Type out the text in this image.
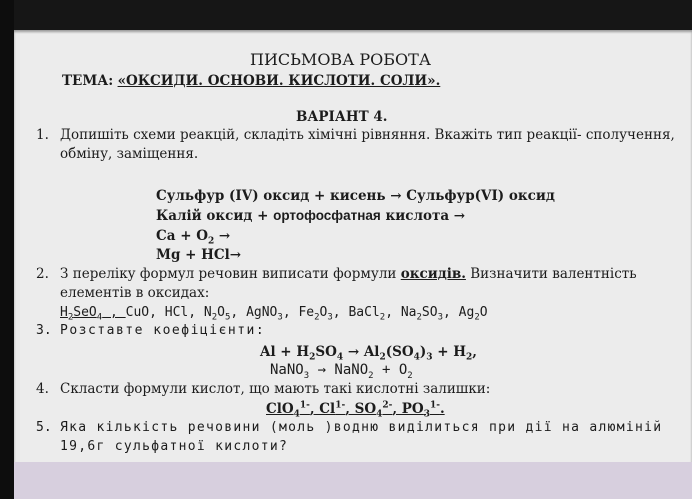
ПИСЬМОВА РОБОТА
ТЕМА: «ОКСИДИ. ОСНОВИ. КИСЛОТИ. СОЛИ».
ВАРІАНТ 4.
1. Допишіть схеми реакцій, складіть хімічні рівняння. Вкажіть тип реакції- сполучення,
обміну, заміщення.
Сульфур (IV) оксид + кисень → Сульфур(VI) оксид
Калій оксид + ортофосфатная кислота →
$Ca + O_2$ →
Mg + HCl→
2. З переліку формул речовин виписати формули оксидів. Визначити валентність
елементів в оксидах:
$H_2SeO_4$ , CuO, HCl, $N_2O_5$, AgNO$_3$, $Fe_2O_3$, BaCl$_2$, $Na_2SO_3$, $Ag_2O$
3. Розставте коефіцієнти:
$Al + H_2SO_4 \to Al_2(SO_4)_3 + H_2$,
NaNO$_3$ → NaNO$_2$ + $O_2$
4. Скласти формули кислот, що мають такі кислотні залишки:
ClO$_4^{1-}$, $Cl^{1-}$, $SO_4^{2-}$, $PO_3^{1-}$.
5. Яка кількість речовини (моль )водню виділиться при дії на алюміній
19,6г сульфатної кислоти?
